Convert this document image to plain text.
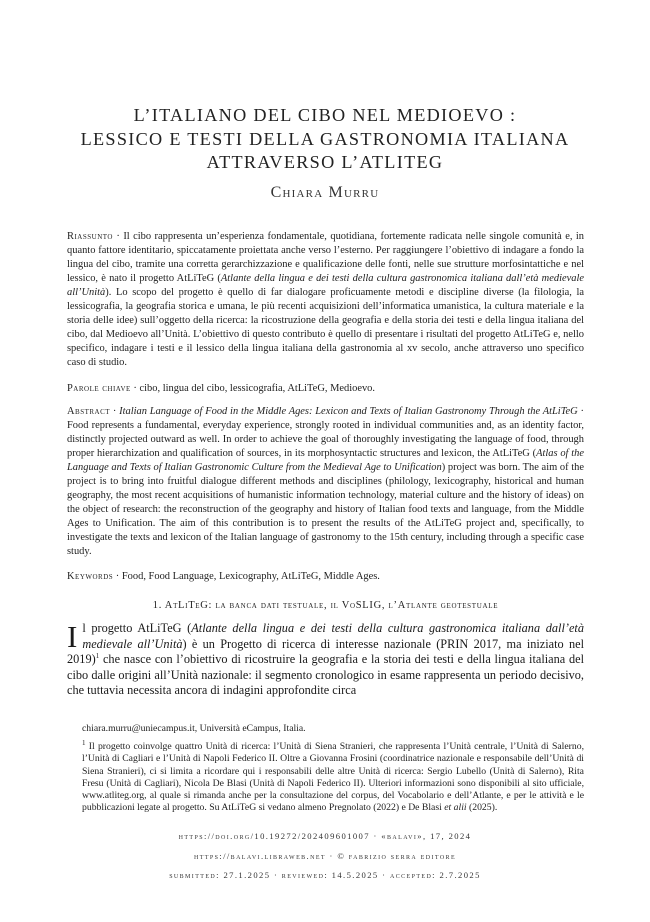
L’ITALIANO DEL CIBO NEL MEDIOEVO :
LESSICO E TESTI DELLA GASTRONOMIA ITALIANA
ATTRAVERSO L’ATLITEG
Chiara Murru
Riassunto · Il cibo rappresenta un’esperienza fondamentale, quotidiana, fortemente radicata nelle singole comunità e, in quanto fattore identitario, spiccatamente proiettata anche verso l’esterno. Per raggiungere l’obiettivo di indagare a fondo la lingua del cibo, tramite una corretta gerarchizzazione e qualificazione delle fonti, nelle sue strutture morfosintattiche e nel lessico, è nato il progetto AtLiTeG (Atlante della lingua e dei testi della cultura gastronomica italiana dall’età medievale all’Unità). Lo scopo del progetto è quello di far dialogare proficuamente metodi e discipline diverse (la filologia, la lessicografia, la geografia storica e umana, le più recenti acquisizioni dell’informatica umanistica, la cultura materiale e la storia delle idee) sull’oggetto della ricerca: la ricostruzione della geografia e della storia dei testi e della lingua italiana del cibo, dal Medioevo all’Unità. L’obiettivo di questo contributo è quello di presentare i risultati del progetto AtLiTeG e, nello specifico, indagare i testi e il lessico della lingua italiana della gastronomia al xv secolo, anche attraverso uno specifico caso di studio.
Parole chiave · cibo, lingua del cibo, lessicografia, AtLiTeG, Medioevo.
Abstract · Italian Language of Food in the Middle Ages: Lexicon and Texts of Italian Gastronomy Through the AtLiTeG · Food represents a fundamental, everyday experience, strongly rooted in individual communities and, as an identity factor, distinctly projected outward as well. In order to achieve the goal of thoroughly investigating the language of food, through proper hierarchization and qualification of sources, in its morphosyntactic structures and lexicon, the AtLiTeG (Atlas of the Language and Texts of Italian Gastronomic Culture from the Medieval Age to Unification) project was born. The aim of the project is to bring into fruitful dialogue different methods and disciplines (philology, lexicography, historical and human geography, the most recent acquisitions of humanistic information technology, material culture and the history of ideas) on the object of research: the reconstruction of the geography and history of Italian food texts and language, from the Middle Ages to Unification. The aim of this contribution is to present the results of the AtLiTeG project and, specifically, to investigate the texts and lexicon of the Italian language of gastronomy to the 15th century, including through a specific case study.
Keywords · Food, Food Language, Lexicography, AtLiTeG, Middle Ages.
1. AtLiTeG: la banca dati testuale, il VoSLIG, l’Atlante geotestuale
Il progetto AtLiTeG (Atlante della lingua e dei testi della cultura gastronomica italiana dall’età medievale all’Unità) è un Progetto di ricerca di interesse nazionale (PRIN 2017, ma iniziato nel 2019)$^1$ che nasce con l’obiettivo di ricostruire la geografia e la storia dei testi e della lingua italiana del cibo dalle origini all’Unità nazionale: il segmento cronologico in esame rappresenta un periodo decisivo, che tuttavia necessita ancora di indagini approfondite circa
chiara.murru@uniecampus.it, Università eCampus, Italia.
$^1$ Il progetto coinvolge quattro Unità di ricerca: l’Unità di Siena Stranieri, che rappresenta l’Unità centrale, l’Unità di Salerno, l’Unità di Cagliari e l’Unità di Napoli Federico II. Oltre a Giovanna Frosini (coordinatrice nazionale e responsabile dell’Unità di Siena Stranieri), ci si limita a ricordare qui i responsabili delle altre Unità di ricerca: Sergio Lubello (Unità di Salerno), Rita Fresu (Unità di Cagliari), Nicola De Blasi (Unità di Napoli Federico II). Ulteriori informazioni sono disponibili al sito ufficiale, www.atliteg.org, al quale si rimanda anche per la consultazione del corpus, del Vocabolario e dell’Atlante, e per le attività e le pubblicazioni legate al progetto. Su AtLiTeG si vedano almeno Pregnolato (2022) e De Blasi et alii (2025).
https://doi.org/10.19272/202409601007 · «balavi», 17, 2024
https://balavi.libraweb.net · © fabrizio serra editore
submitted: 27.1.2025 · reviewed: 14.5.2025 · accepted: 2.7.2025
